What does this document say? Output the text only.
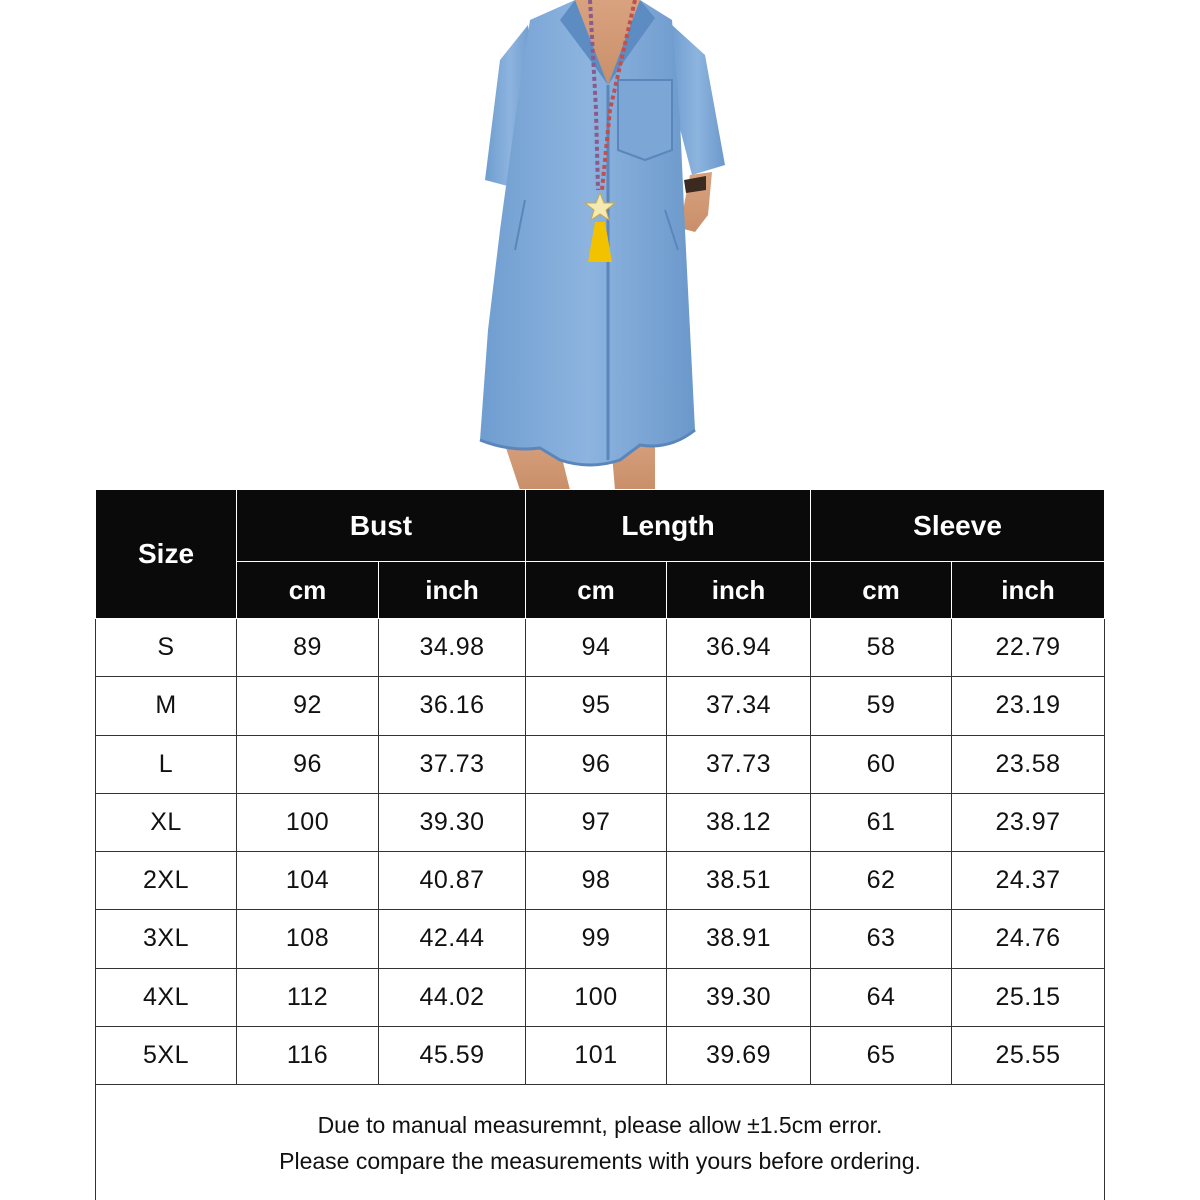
Size	Bust		Length		Sleeve	
	cm	inch	cm	inch	cm	inch
S	89	34.98	94	36.94	58	22.79
M	92	36.16	95	37.34	59	23.19
L	96	37.73	96	37.73	60	23.58
XL	100	39.30	97	38.12	61	23.97
2XL	104	40.87	98	38.51	62	24.37
3XL	108	42.44	99	38.91	63	24.76
4XL	112	44.02	100	39.30	64	25.15
5XL	116	45.59	101	39.69	65	25.55

Due to manual measuremnt, please allow ±1.5cm error.
Please compare the measurements with yours before ordering.						
